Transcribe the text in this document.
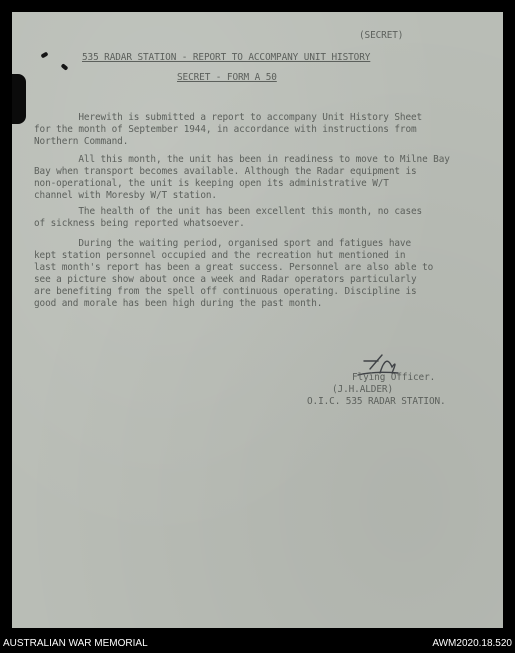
(SECRET)
535 RADAR STATION - REPORT TO ACCOMPANY UNIT HISTORY
SECRET - FORM A 50
Herewith is submitted a report to accompany Unit History Sheet
for the month of September 1944, in accordance with instructions from
Northern Command.
All this month, the unit has been in readiness to move to Milne Bay
Bay when transport becomes available. Although the Radar equipment is
non-operational, the unit is keeping open its administrative W/T
channel with Moresby W/T station.
The health of the unit has been excellent this month, no cases
of sickness being reported whatsoever.
During the waiting period, organised sport and fatigues have
kept station personnel occupied and the recreation hut mentioned in
last month's report has been a great success. Personnel are also able to
see a picture show about once a week and Radar operators particularly
are benefiting from the spell off continuous operating. Discipline is
good and morale has been high during the past month.
Flying Officer.
(J.H.ALDER)
O.I.C. 535 RADAR STATION.
AUSTRALIAN WAR MEMORIAL	AWM2020.18.520
